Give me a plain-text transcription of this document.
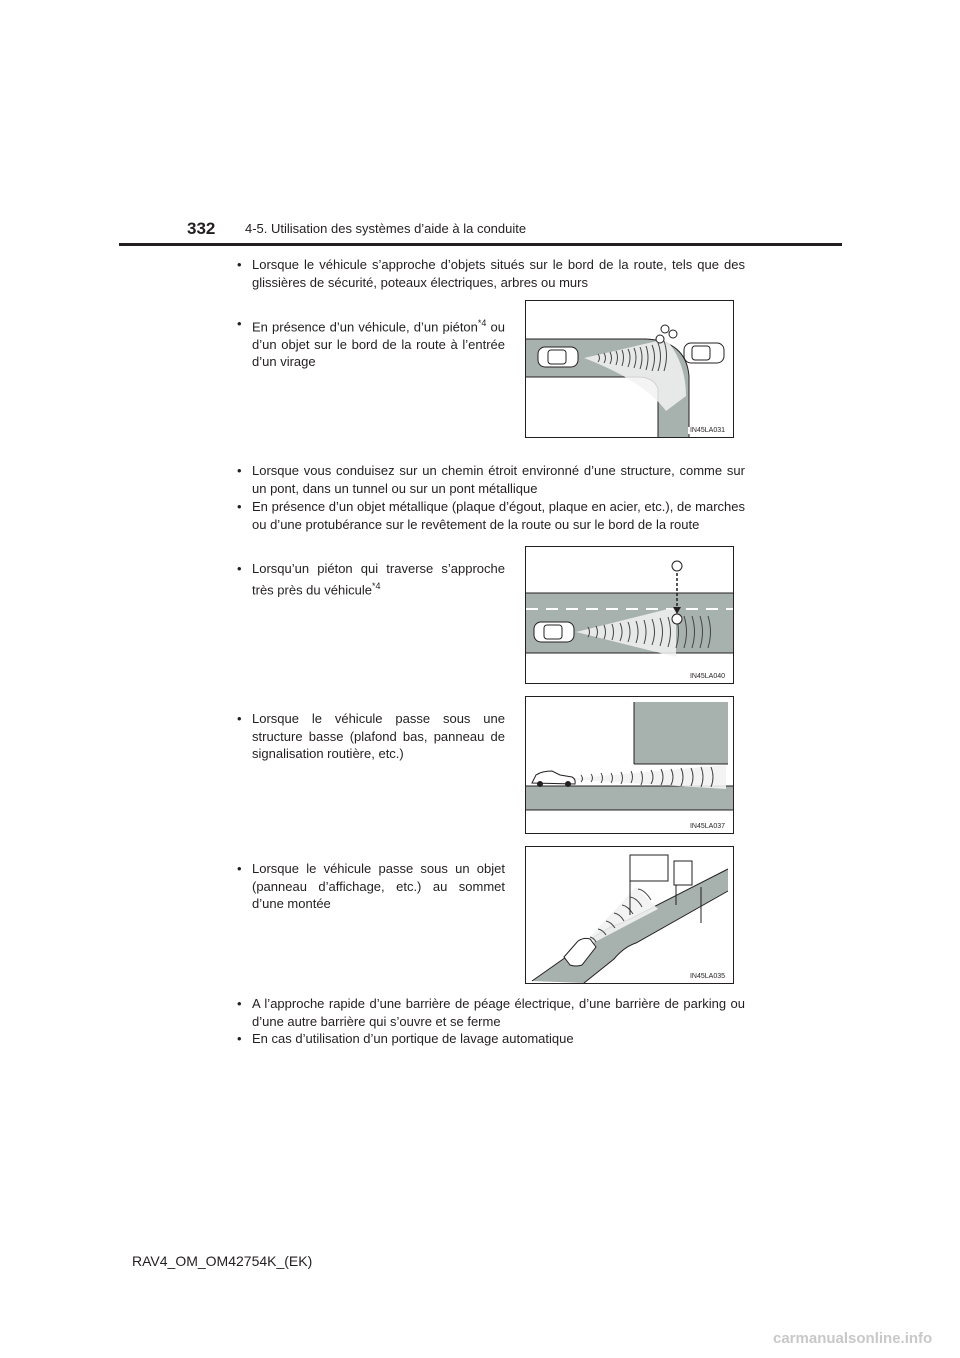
332 4-5. Utilisation des systèmes d’aide à la conduite
• Lorsque le véhicule s’approche d’objets situés sur le bord de la route, tels que des glissières de sécurité, poteaux électriques, arbres ou murs
• En présence d’un véhicule, d’un piéton$^{*4}$ ou d’un objet sur le bord de la route à l’entrée d’un virage
IN45LA031
• Lorsque vous conduisez sur un chemin étroit environné d’une structure, comme sur un pont, dans un tunnel ou sur un pont métallique
• En présence d’un objet métallique (plaque d’égout, plaque en acier, etc.), de marches ou d’une protubérance sur le revêtement de la route ou sur le bord de la route
• Lorsqu’un piéton qui traverse s’approche très près du véhicule$^{*4}$
IN45LA040
• Lorsque le véhicule passe sous une structure basse (plafond bas, panneau de signalisation routière, etc.)
IN45LA037
• Lorsque le véhicule passe sous un objet (panneau d’affichage, etc.) au sommet d’une montée
IN45LA035
• A l’approche rapide d’une barrière de péage électrique, d’une barrière de parking ou d’une autre barrière qui s’ouvre et se ferme
• En cas d’utilisation d’un portique de lavage automatique
RAV4_OM_OM42754K_(EK)
carmanualsonline.info
